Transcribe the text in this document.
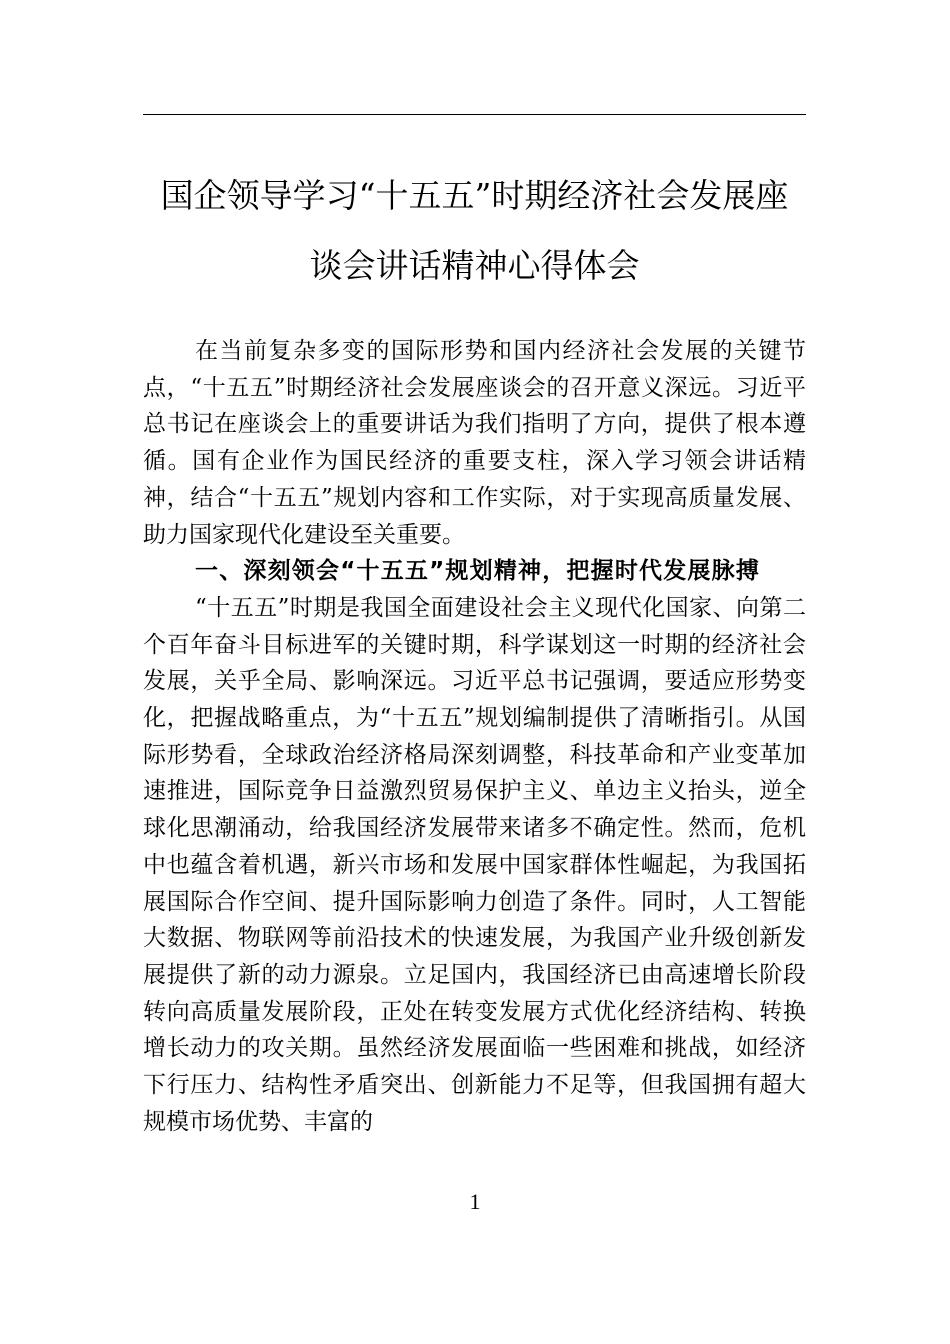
国企领导学习“十五五”时期经济社会发展座
谈会讲话精神心得体会

在当前复杂多变的国际形势和国内经济社会发展的关键节点，“十五五”时期经济社会发展座谈会的召开意义深远。习近平总书记在座谈会上的重要讲话为我们指明了方向，提供了根本遵循。国有企业作为国民经济的重要支柱，深入学习领会讲话精神，结合“十五五”规划内容和工作实际，对于实现高质量发展、助力国家现代化建设至关重要。

一、深刻领会“十五五”规划精神，把握时代发展脉搏

“十五五”时期是我国全面建设社会主义现代化国家、向第二个百年奋斗目标进军的关键时期，科学谋划这一时期的经济社会发展，关乎全局、影响深远。习近平总书记强调，要适应形势变化，把握战略重点，为“十五五”规划编制提供了清晰指引。从国际形势看，全球政治经济格局深刻调整，科技革命和产业变革加速推进，国际竞争日益激烈贸易保护主义、单边主义抬头，逆全球化思潮涌动，给我国经济发展带来诸多不确定性。然而，危机中也蕴含着机遇，新兴市场和发展中国家群体性崛起，为我国拓展国际合作空间、提升国际影响力创造了条件。同时，人工智能大数据、物联网等前沿技术的快速发展，为我国产业升级创新发展提供了新的动力源泉。立足国内，我国经济已由高速增长阶段转向高质量发展阶段，正处在转变发展方式优化经济结构、转换增长动力的攻关期。虽然经济发展面临一些困难和挑战，如经济下行压力、结构性矛盾突出、创新能力不足等，但我国拥有超大规模市场优势、丰富的

1
